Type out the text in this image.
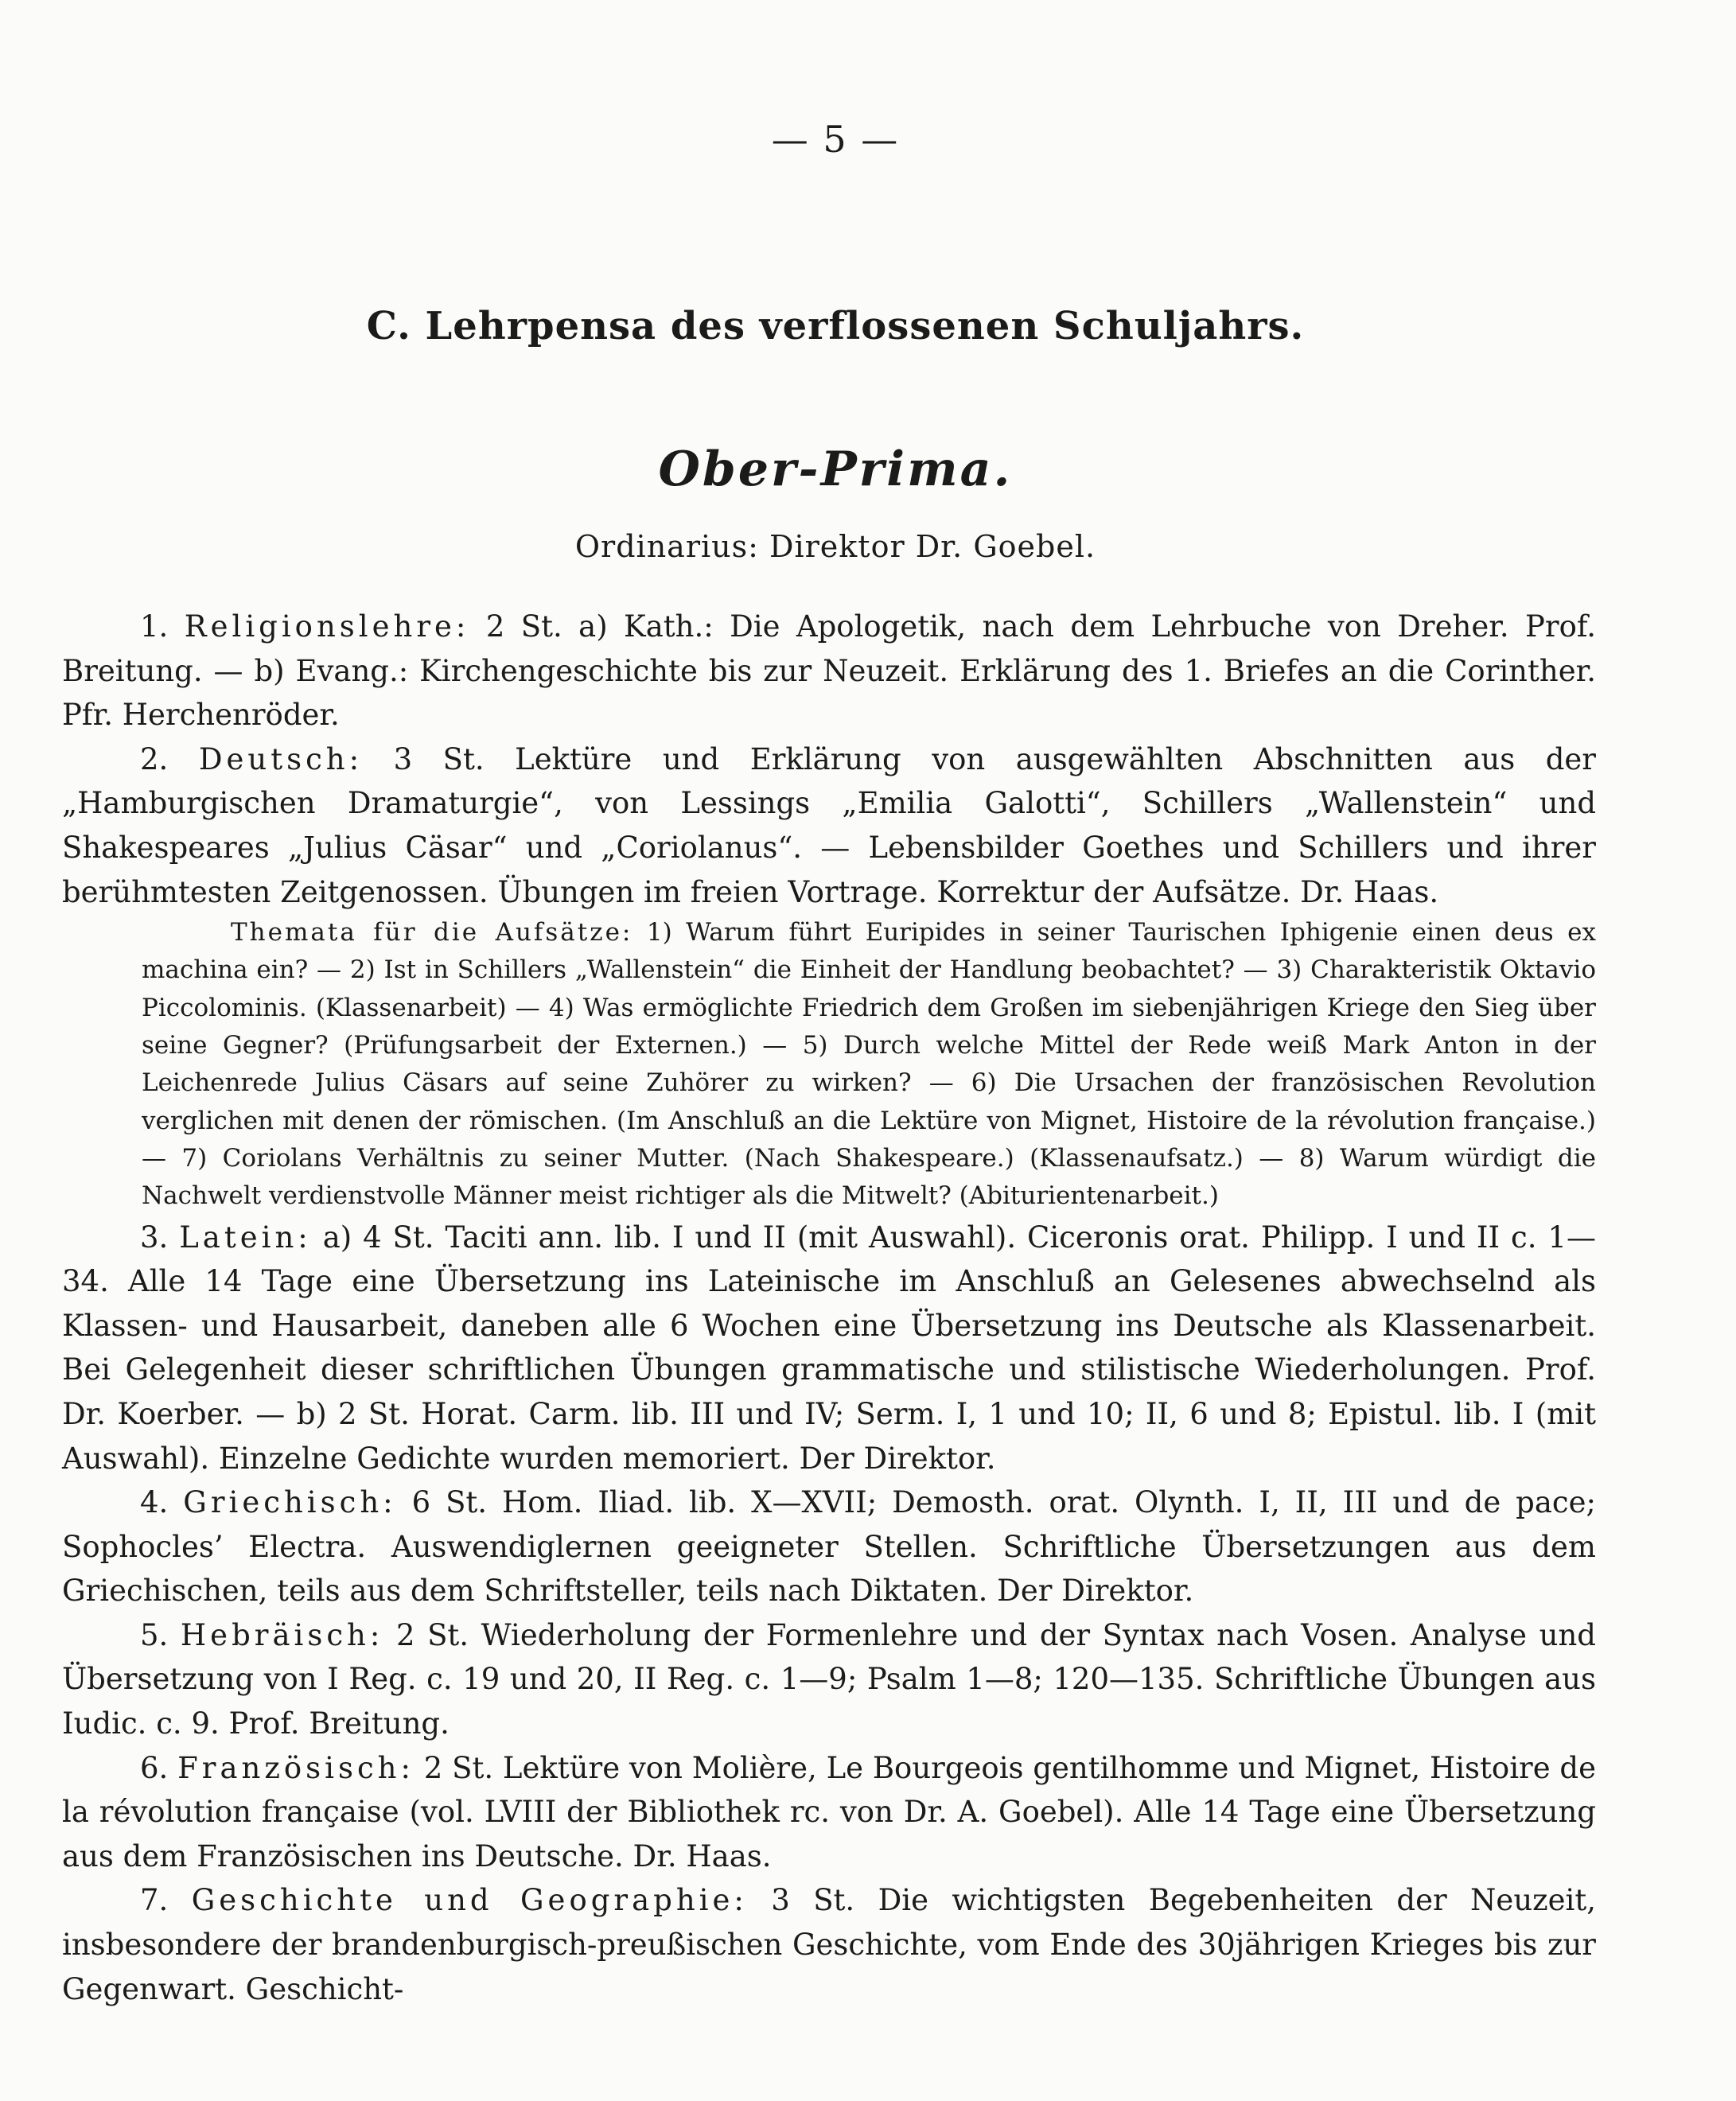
— 5 —
C. Lehrpensa des verflossenen Schuljahrs.
Ober-Prima.
Ordinarius: Direktor Dr. Goebel.

1. Religionslehre: 2 St. a) Kath.: Die Apologetik, nach dem Lehrbuche von Dreher. Prof. Breitung. — b) Evang.: Kirchengeschichte bis zur Neuzeit. Erklärung des 1. Briefes an die Corinther. Pfr. Herchenröder.

2. Deutsch: 3 St. Lektüre und Erklärung von ausgewählten Abschnitten aus der „Hamburgischen Dramaturgie“, von Lessings „Emilia Galotti“, Schillers „Wallenstein“ und Shakespeares „Julius Cäsar“ und „Coriolanus“. — Lebensbilder Goethes und Schillers und ihrer berühmtesten Zeitgenossen. Übungen im freien Vortrage. Korrektur der Aufsätze. Dr. Haas.

Themata für die Aufsätze: 1) Warum führt Euripides in seiner Taurischen Iphigenie einen deus ex machina ein? — 2) Ist in Schillers „Wallenstein“ die Einheit der Handlung beobachtet? — 3) Charakteristik Oktavio Piccolominis. (Klassenarbeit) — 4) Was ermöglichte Friedrich dem Großen im siebenjährigen Kriege den Sieg über seine Gegner? (Prüfungsarbeit der Externen.) — 5) Durch welche Mittel der Rede weiß Mark Anton in der Leichenrede Julius Cäsars auf seine Zuhörer zu wirken? — 6) Die Ursachen der französischen Revolution verglichen mit denen der römischen. (Im Anschluß an die Lektüre von Mignet, Histoire de la révolution française.) — 7) Coriolans Verhältnis zu seiner Mutter. (Nach Shakespeare.) (Klassenaufsatz.) — 8) Warum würdigt die Nachwelt verdienstvolle Männer meist richtiger als die Mitwelt? (Abiturientenarbeit.)

3. Latein: a) 4 St. Taciti ann. lib. I und II (mit Auswahl). Ciceronis orat. Philipp. I und II c. 1—34. Alle 14 Tage eine Übersetzung ins Lateinische im Anschluß an Gelesenes abwechselnd als Klassen- und Hausarbeit, daneben alle 6 Wochen eine Übersetzung ins Deutsche als Klassenarbeit. Bei Gelegenheit dieser schriftlichen Übungen grammatische und stilistische Wiederholungen. Prof. Dr. Koerber. — b) 2 St. Horat. Carm. lib. III und IV; Serm. I, 1 und 10; II, 6 und 8; Epistul. lib. I (mit Auswahl). Einzelne Gedichte wurden memoriert. Der Direktor.

4. Griechisch: 6 St. Hom. Iliad. lib. X—XVII; Demosth. orat. Olynth. I, II, III und de pace; Sophocles’ Electra. Auswendiglernen geeigneter Stellen. Schriftliche Übersetzungen aus dem Griechischen, teils aus dem Schriftsteller, teils nach Diktaten. Der Direktor.

5. Hebräisch: 2 St. Wiederholung der Formenlehre und der Syntax nach Vosen. Analyse und Übersetzung von I Reg. c. 19 und 20, II Reg. c. 1—9; Psalm 1—8; 120—135. Schriftliche Übungen aus Iudic. c. 9. Prof. Breitung.

6. Französisch: 2 St. Lektüre von Molière, Le Bourgeois gentilhomme und Mignet, Histoire de la révolution française (vol. LVIII der Bibliothek rc. von Dr. A. Goebel). Alle 14 Tage eine Übersetzung aus dem Französischen ins Deutsche. Dr. Haas.

7. Geschichte und Geographie: 3 St. Die wichtigsten Begebenheiten der Neuzeit, insbesondere der brandenburgisch-preußischen Geschichte, vom Ende des 30jährigen Krieges bis zur Gegenwart. Geschicht-
